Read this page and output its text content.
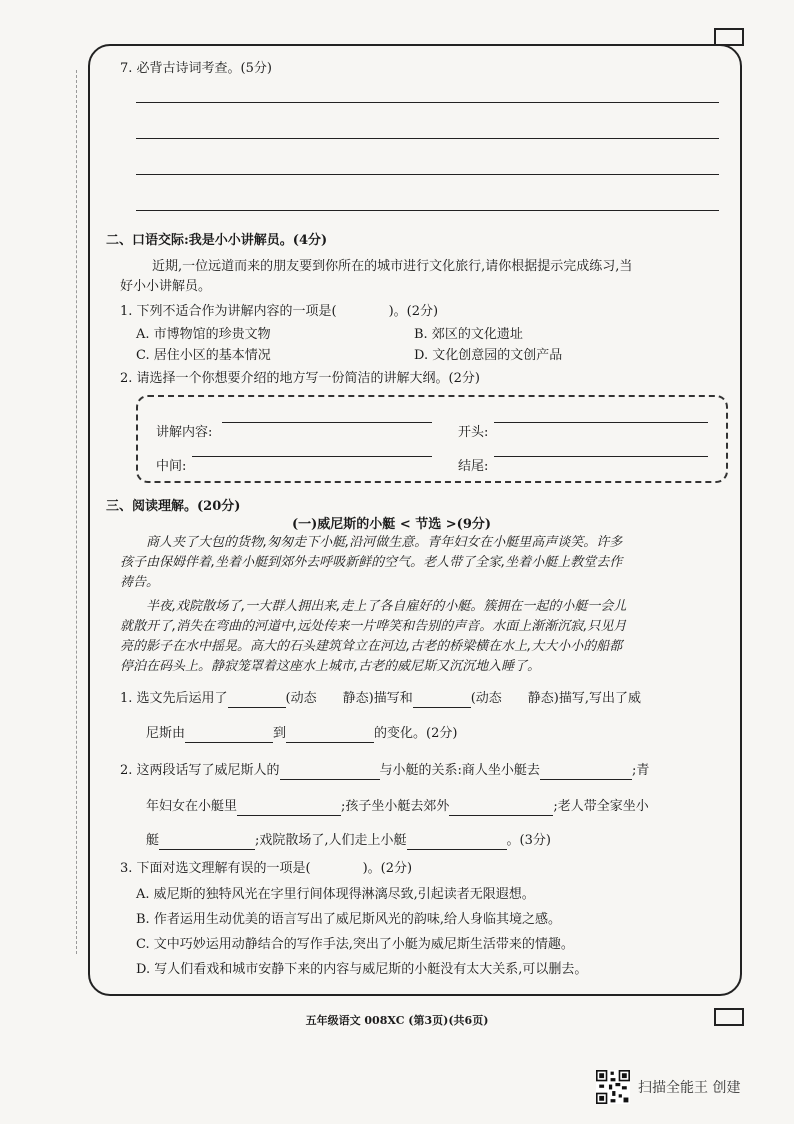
7. 必背古诗词考查。(5分)
二、口语交际:我是小小讲解员。(4分)
近期,一位远道而来的朋友要到你所在的城市进行文化旅行,请你根据提示完成练习,当
好小小讲解员。
1. 下列不适合作为讲解内容的一项是(　　　　)。(2分)
A. 市博物馆的珍贵文物	B. 郊区的文化遗址
C. 居住小区的基本情况	D. 文化创意园的文创产品
2. 请选择一个你想要介绍的地方写一份简洁的讲解大纲。(2分)
讲解内容:	开头:
中间:	结尾:
三、阅读理解。(20分)
(一)威尼斯的小艇 < 节选 >(9分)
商人夹了大包的货物,匆匆走下小艇,沿河做生意。青年妇女在小艇里高声谈笑。许多
孩子由保姆伴着,坐着小艇到郊外去呼吸新鲜的空气。老人带了全家,坐着小艇上教堂去作
祷告。
半夜,戏院散场了,一大群人拥出来,走上了各自雇好的小艇。簇拥在一起的小艇一会儿
就散开了,消失在弯曲的河道中,远处传来一片哗笑和告别的声音。水面上渐渐沉寂,只见月
亮的影子在水中摇晃。高大的石头建筑耸立在河边,古老的桥梁横在水上,大大小小的船都
停泊在码头上。静寂笼罩着这座水上城市,古老的威尼斯又沉沉地入睡了。
1. 选文先后运用了	(动态　　静态)描写和	(动态　　静态)描写,写出了威
尼斯由	到	的变化。(2分)
2. 这两段话写了威尼斯人的	与小艇的关系:商人坐小艇去	;青
年妇女在小艇里	;孩子坐小艇去郊外	;老人带全家坐小
艇	;戏院散场了,人们走上小艇	。(3分)
3. 下面对选文理解有误的一项是(　　　　)。(2分)
A. 威尼斯的独特风光在字里行间体现得淋漓尽致,引起读者无限遐想。
B. 作者运用生动优美的语言写出了威尼斯风光的韵味,给人身临其境之感。
C. 文中巧妙运用动静结合的写作手法,突出了小艇为威尼斯生活带来的情趣。
D. 写人们看戏和城市安静下来的内容与威尼斯的小艇没有太大关系,可以删去。
五年级语文 008XC (第3页)(共6页)
扫描全能王 创建
